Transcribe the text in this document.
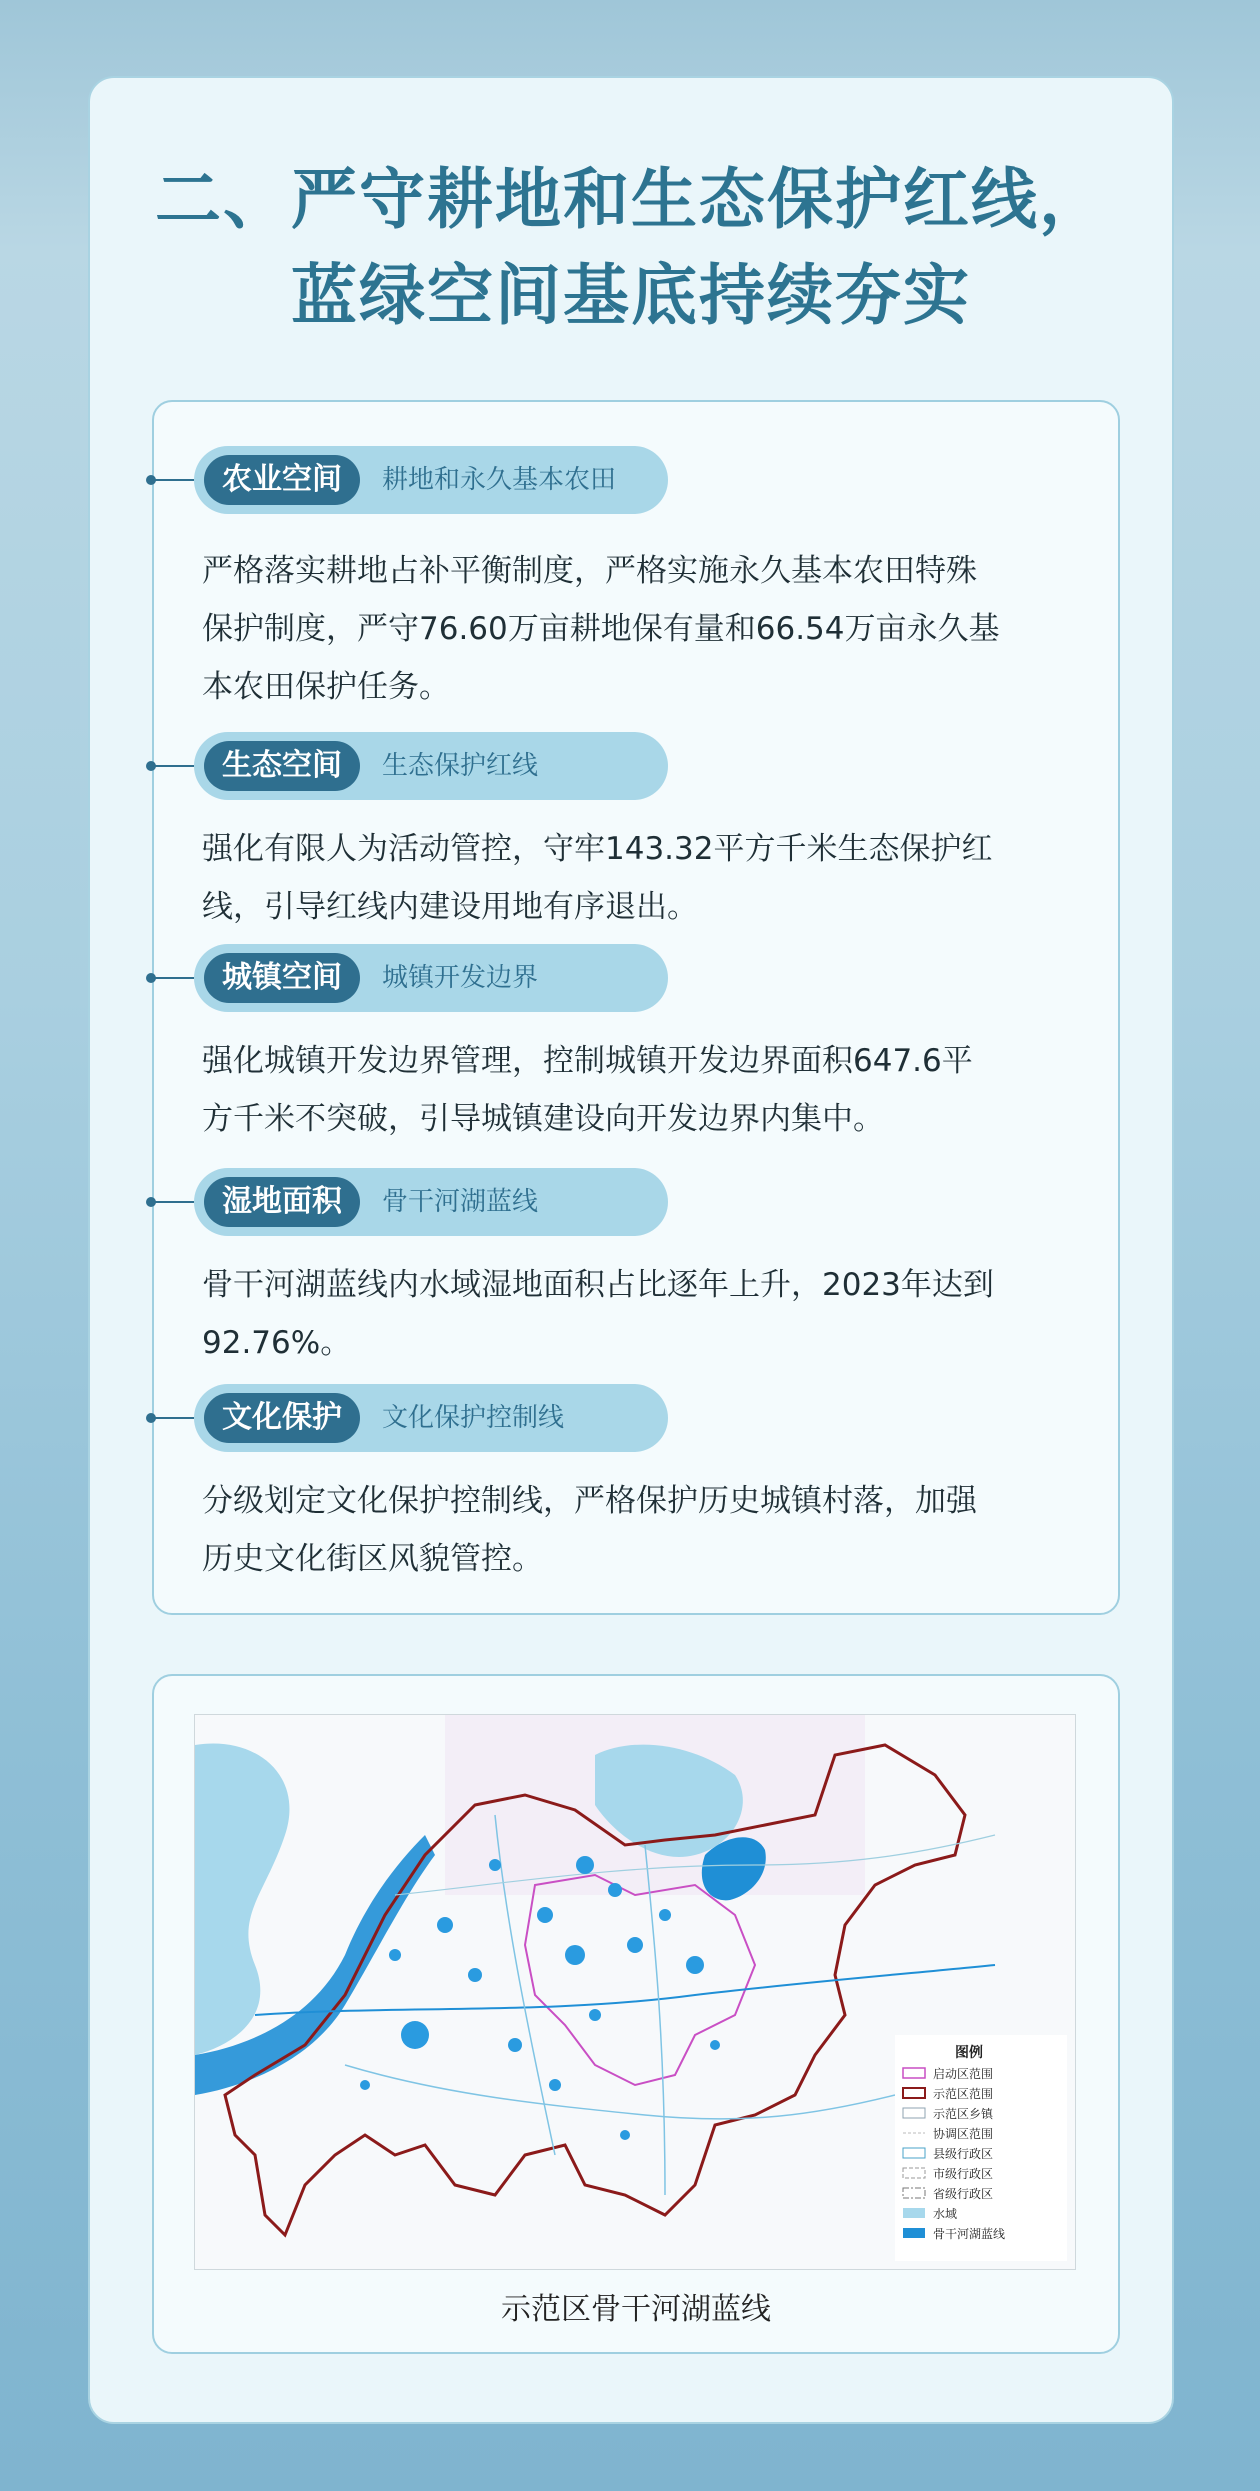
二、严守耕地和生态保护红线，
蓝绿空间基底持续夯实
农业空间	耕地和永久基本农田
严格落实耕地占补平衡制度，严格实施永久基本农田特殊
保护制度，严守76.60万亩耕地保有量和66.54万亩永久基
本农田保护任务。
生态空间	生态保护红线
强化有限人为活动管控，守牢143.32平方千米生态保护红
线，引导红线内建设用地有序退出。
城镇空间	城镇开发边界
强化城镇开发边界管理，控制城镇开发边界面积647.6平
方千米不突破，引导城镇建设向开发边界内集中。
湿地面积	骨干河湖蓝线
骨干河湖蓝线内水域湿地面积占比逐年上升，2023年达到
92.76%。
文化保护	文化保护控制线
分级划定文化保护控制线，严格保护历史城镇村落，加强
历史文化街区风貌管控。
图例
启动区范围
示范区范围
示范区乡镇
协调区范围
县级行政区
市级行政区
省级行政区
水域
骨干河湖蓝线
示范区骨干河湖蓝线
